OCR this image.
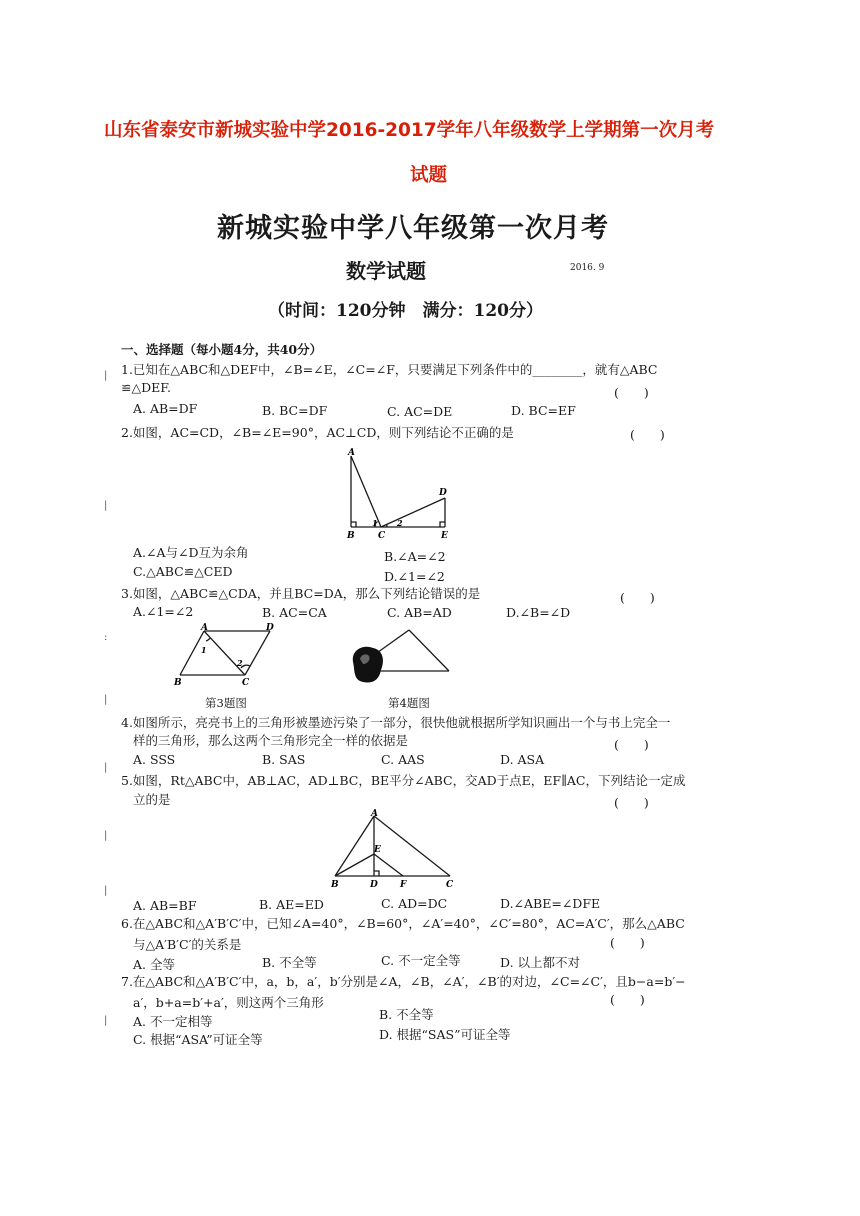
山东省泰安市新城实验中学2016-2017学年八年级数学上学期第一次月考
试题
新城实验中学八年级第一次月考
数学试题	2016. 9
（时间：120分钟　满分：120分）
一、选择题（每小题4分，共40分）
|
|
:
|
|
|
|
|
1.已知在△ABC和△DEF中，∠B=∠E，∠C=∠F，只要满足下列条件中的________，就有△ABC
≌△DEF.	(　　)
A. AB=DF	B. BC=DF	C. AC=DE	D. BC=EF
2.如图，AC=CD，∠B=∠E=90°，AC⊥CD，则下列结论不正确的是	(　　)
A
B	C
D
E
1 2
A.∠A与∠D互为余角	B.∠A=∠2
C.△ABC≌△CED	D.∠1=∠2
3.如图，△ABC≌△CDA，并且BC=DA，那么下列结论错误的是	(　　)
A.∠1=∠2	B. AC=CA	C. AB=AD	D.∠B=∠D
A	D
B	C
1
2
第3题图	第4题图
4.如图所示，亮亮书上的三角形被墨迹污染了一部分，很快他就根据所学知识画出一个与书上完全一
样的三角形，那么这两个三角形完全一样的依据是	(　　)
A. SSS	B. SAS	C. AAS	D. ASA
5.如图，Rt△ABC中，AB⊥AC，AD⊥BC，BE平分∠ABC，交AD于点E，EF∥AC，下列结论一定成
立的是	(　　)
A
E
B	D F	C
A. AB=BF	B. AE=ED	C. AD=DC	D.∠ABE=∠DFE
6.在△ABC和△A′B′C′中，已知∠A=40°，∠B=60°，∠A′=40°，∠C′=80°，AC=A′C′，那么△ABC
与△A′B′C′的关系是	(　　)
A. 全等	B. 不全等	C. 不一定全等	D. 以上都不对
7.在△ABC和△A′B′C′中，a，b，a′，b′分别是∠A，∠B，∠A′，∠B′的对边，∠C=∠C′，且b−a=b′−
a′，b+a=b′+a′，则这两个三角形	(　　)
A. 不一定相等	B. 不全等
C. 根据“ASA”可证全等	D. 根据“SAS”可证全等
